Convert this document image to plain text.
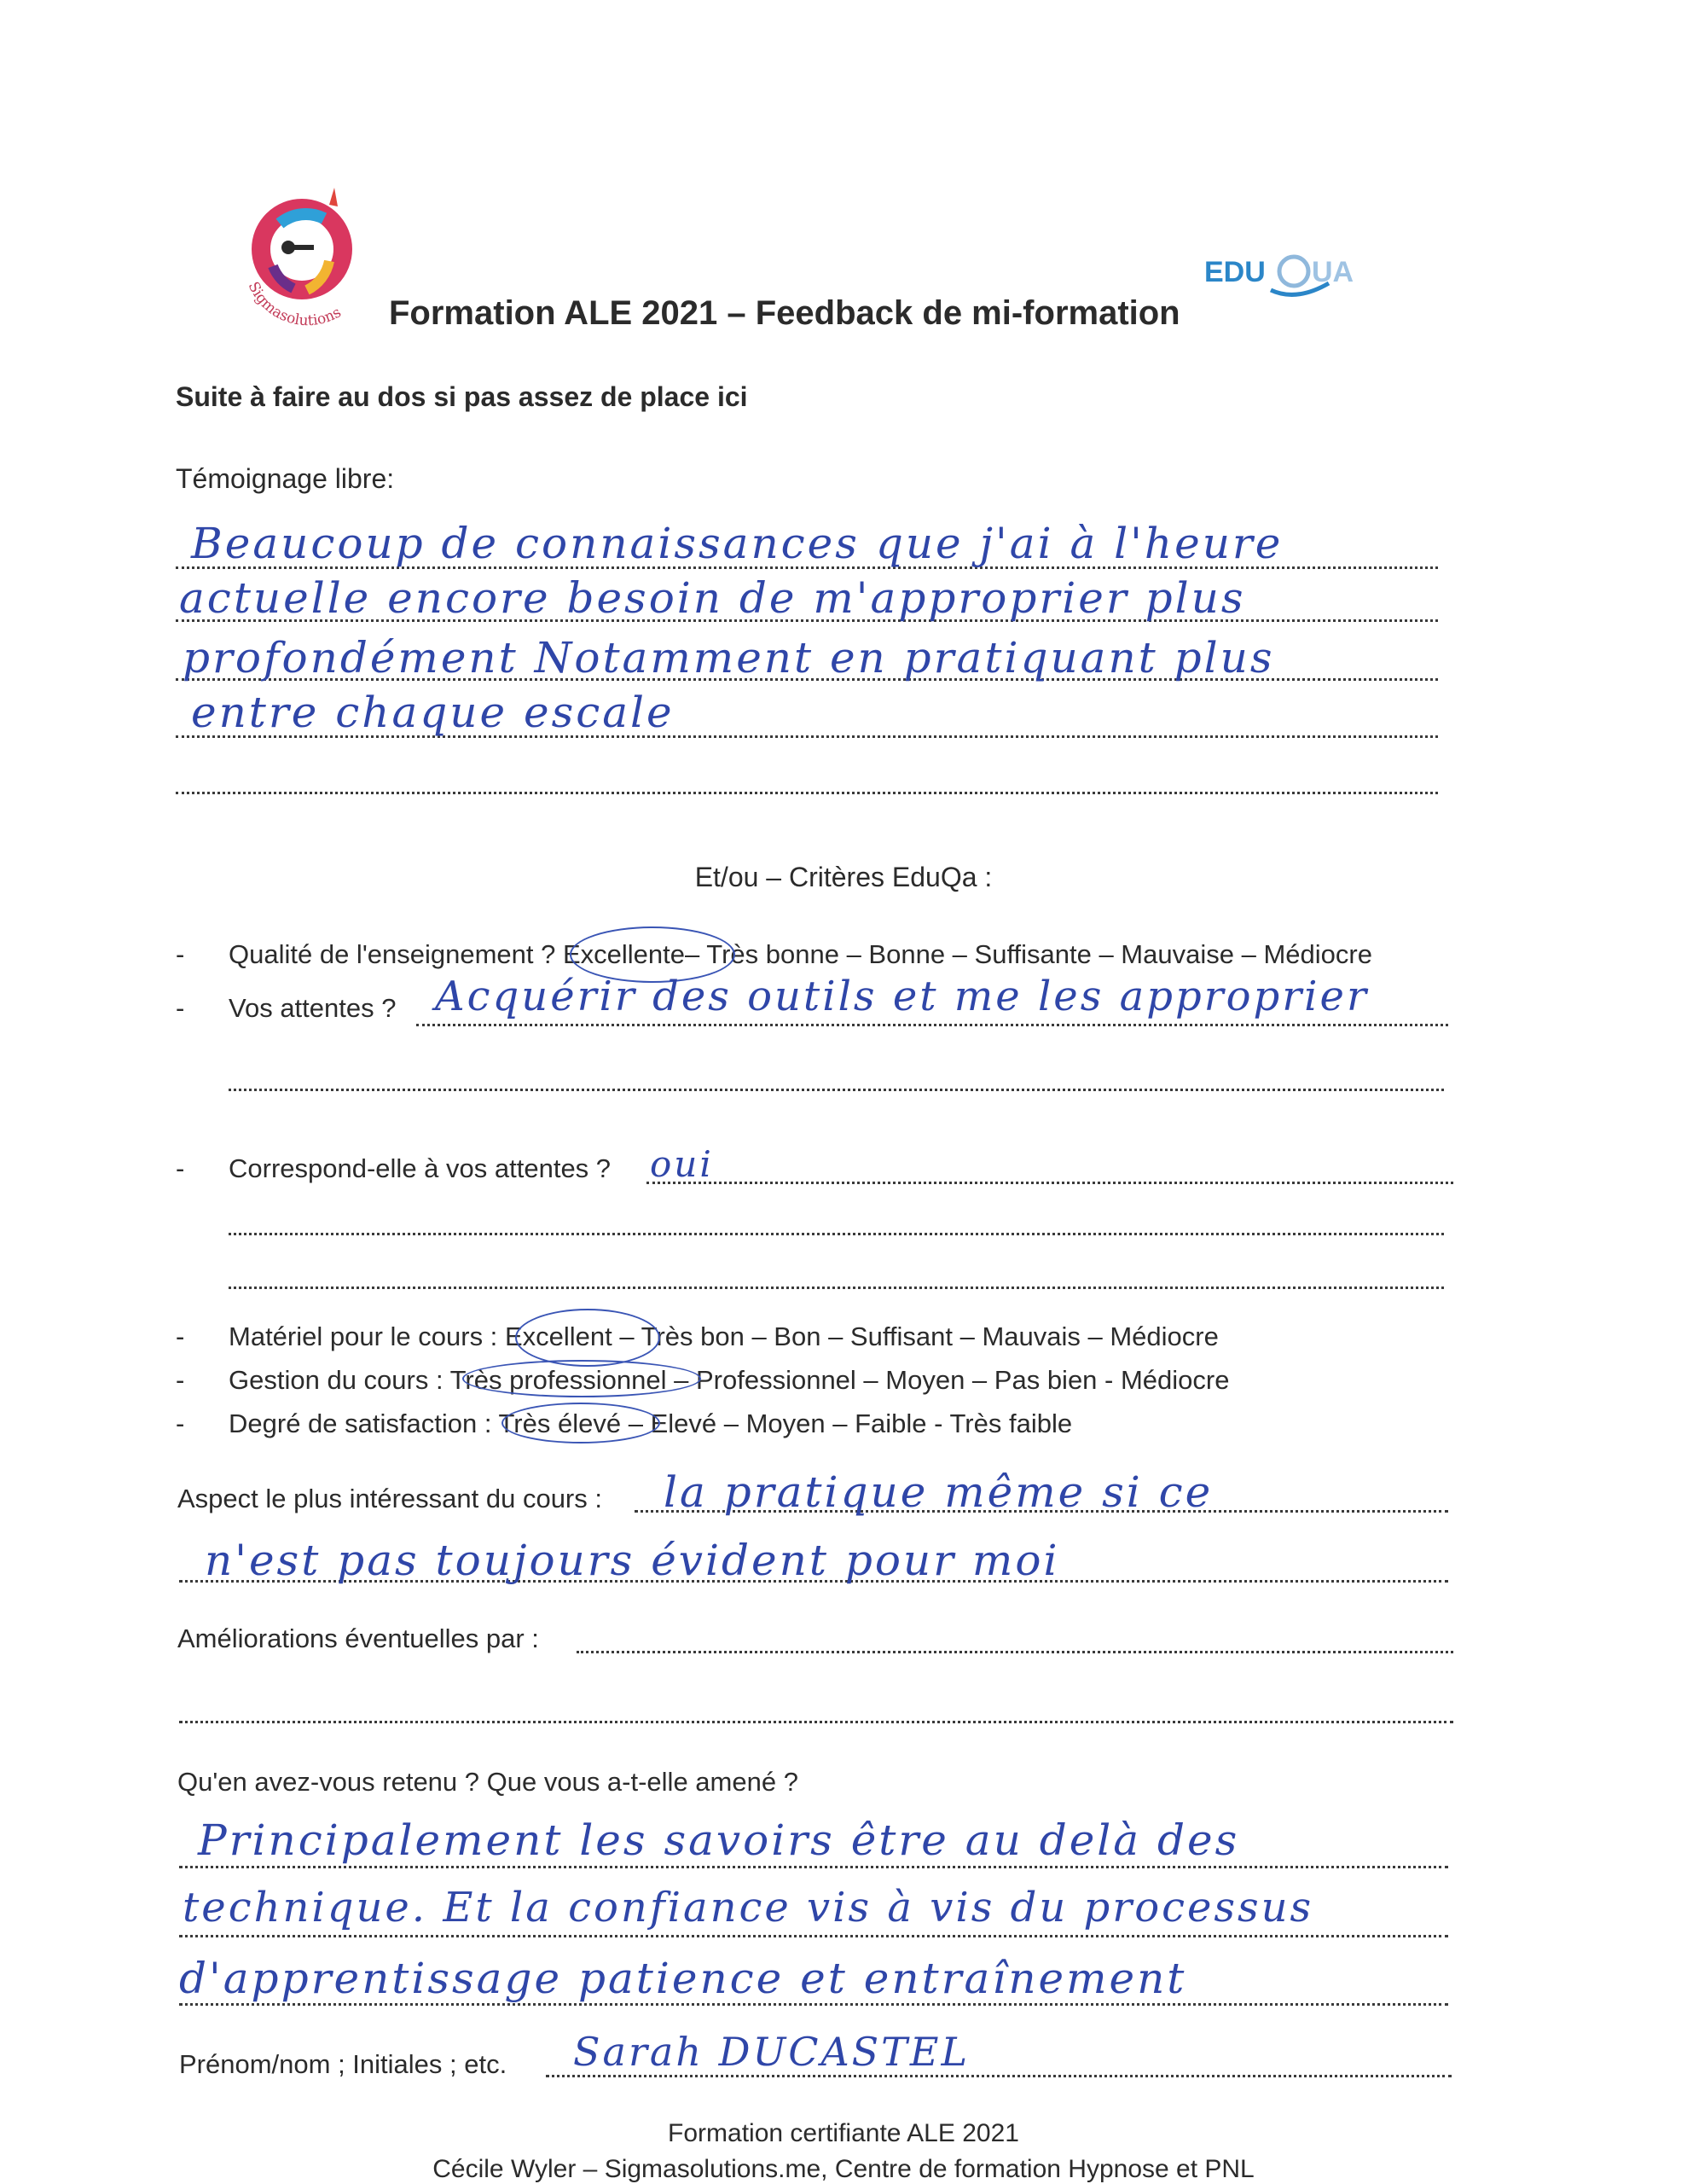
Sigmasolutions
EDU UA
Formation ALE 2021 – Feedback de mi-formation
Suite à faire au dos si pas assez de place ici
Témoignage libre:
Beaucoup de connaissances que j'ai à l'heure
actuelle encore besoin de m'approprier plus
profondément Notamment en pratiquant plus
entre chaque escale
Et/ou – Critères EduQa :
- Qualité de l'enseignement ? Excellente– Très bonne – Bonne – Suffisante – Mauvaise – Médiocre
- Vos attentes ? Acquérir des outils et me les approprier
- Correspond-elle à vos attentes ? oui
- Matériel pour le cours : Excellent – Très bon – Bon – Suffisant – Mauvais – Médiocre
- Gestion du cours : Très professionnel – Professionnel – Moyen – Pas bien - Médiocre
- Degré de satisfaction : Très élevé – Elevé – Moyen – Faible - Très faible
Aspect le plus intéressant du cours : la pratique même si ce
n'est pas toujours évident pour moi
Améliorations éventuelles par :
Qu'en avez-vous retenu ? Que vous a-t-elle amené ?
Principalement les savoirs être au delà des
technique. Et la confiance vis à vis du processus
d'apprentissage patience et entraînement
Prénom/nom ; Initiales ; etc. Sarah DUCASTEL
Formation certifiante ALE 2021
Cécile Wyler – Sigmasolutions.me, Centre de formation Hypnose et PNL
